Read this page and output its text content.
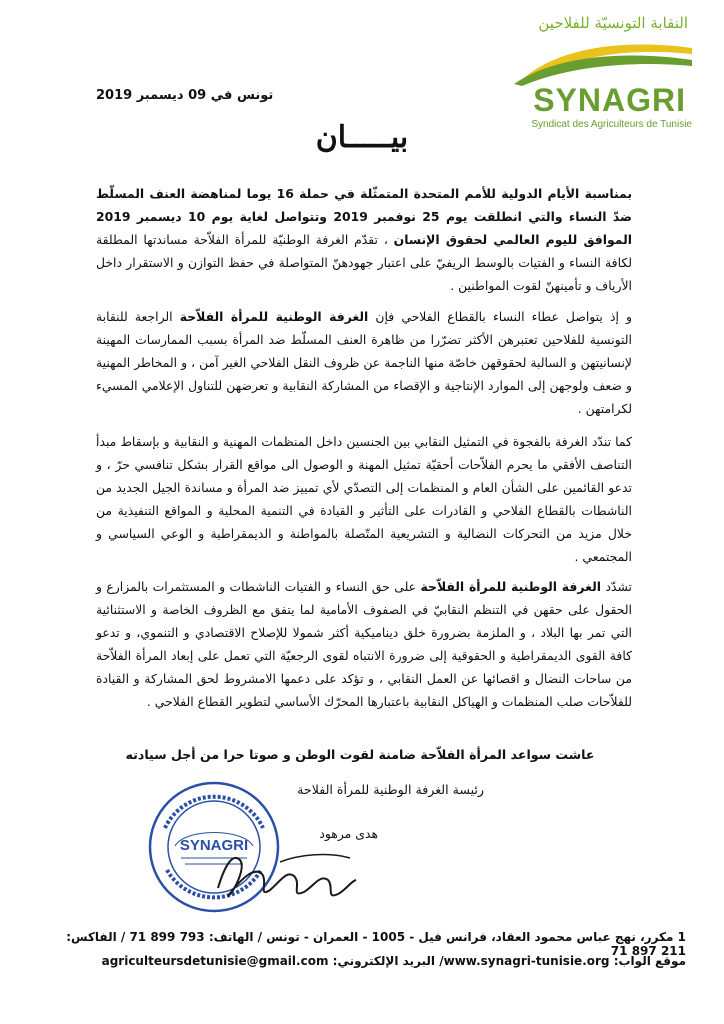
النقابة التونسيّة للفلاحين
SYNAGRI
Syndicat des Agriculteurs de Tunisie
تونس في 09 ديسمبر 2019
بيـــــان

بمناسبة الأيام الدولية للأمم المتحدة المتمثّلة في حملة 16 يوما لمناهضة العنف المسلّط ضدّ النساء والتي انطلقت يوم 25 نوفمبر 2019 وتتواصل لغاية يوم 10 ديسمبر 2019 الموافق لليوم العالمي لحقوق الإنسان ، تقدّم الغرفة الوطنيّة للمرأة الفلاّحة مساندتها المطلقة لكافة النساء و الفتيات بالوسط الريفيّ على اعتبار جهودهنّ المتواصلة في حفظ التوازن و الاستقرار داخل الأرياف و تأمينهنّ لقوت المواطنين .

و إذ يتواصل عطاء النساء بالقطاع الفلاحي فإن الغرفة الوطنية للمرأة الفلاّحة الراجعة للنقابة التونسية للفلاحين تعتبرهن الأكثر تضرّرا من ظاهرة العنف المسلّط ضد المرأة بسبب الممارسات المهينة لإنسانيتهن و السالبة لحقوقهن خاصّة منها الناجمة عن ظروف النقل الفلاحي الغير آمن ، و المخاطر المهنية و ضعف ولوجهن إلى الموارد الإنتاجية و الإقصاء من المشاركة النقابية و تعرضهن للتناول الإعلامي المسيء لكرامتهن .

كما تندّد الغرفة بالفجوة في التمثيل النقابي بين الجنسين داخل المنظمات المهنية و النقابية و بإسقاط مبدأ التناصف الأفقي ما يحرم الفلاّحات أحقيّة تمثيل المهنة و الوصول الى مواقع القرار بشكل تنافسي حرّ ، و تدعو القائمين على الشأن العام و المنظمات إلى التصدّي لأي تمييز ضد المرأة و مساندة الجيل الجديد من الناشطات بالقطاع الفلاحي و القادرات على التأثير و القيادة في التنمية المحلية و المواقع التنفيذية من خلال مزيد من التحركات النضالية و التشريعية المتّصلة بالمواطنة و الديمقراطية و الوعي السياسي و المجتمعي .

تشدّد الغرفة الوطنية للمرأة الفلاّحة على حق النساء و الفتيات الناشطات و المستثمرات بالمزارع و الحقول على حقهن في التنظم النقابيّ في الصفوف الأمامية لما يتفق مع الظروف الخاصة و الاستثنائية التي تمر بها البلاد ، و الملزمة بضرورة خلق ديناميكية أكثر شمولا للإصلاح الاقتصادي و التنموي، و تدعو كافة القوى الديمقراطية و الحقوقية إلى ضرورة الانتباه لقوى الرجعيّة التي تعمل على إبعاد المرأة الفلاّحة من ساحات النضال و اقصائها عن العمل النقابي ، و تؤكد على دعمها الامشروط لحق المشاركة و القيادة للفلاّحات صلب المنظمات و الهياكل النقابية باعتبارها المحرّك الأساسي لتطوير القطاع الفلاحي .

عاشت سواعد المرأة الفلاّحة ضامنة لقوت الوطن و صوتا حرا من أجل سيادته
رئيسة الغرفة الوطنية للمرأة الفلاحة
هدى مرهود
SYNAGRI
1 مكرر، نهج عباس محمود العقاد، فرانس فيل - 1005 - العمران - تونس / الهاتف: 793 899 71 / الفاكس: 211 897 71
موقع الواب: www.synagri-tunisie.org/ البريد الإلكتروني: agriculteursdetunisie@gmail.com
